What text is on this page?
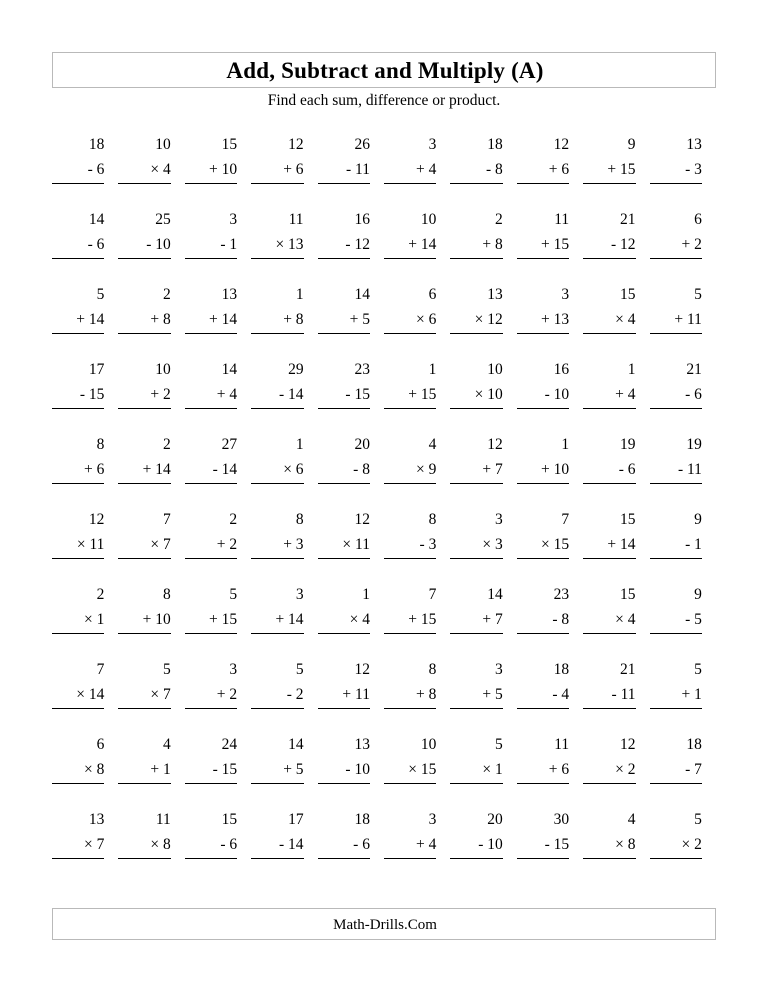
Add, Subtract and Multiply (A)
Find each sum, difference or product.
18
- 6
10
× 4
15
+ 10
12
+ 6
26
- 11
3
+ 4
18
- 8
12
+ 6
9
+ 15
13
- 3
14
- 6
25
- 10
3
- 1
11
× 13
16
- 12
10
+ 14
2
+ 8
11
+ 15
21
- 12
6
+ 2
5
+ 14
2
+ 8
13
+ 14
1
+ 8
14
+ 5
6
× 6
13
× 12
3
+ 13
15
× 4
5
+ 11
17
- 15
10
+ 2
14
+ 4
29
- 14
23
- 15
1
+ 15
10
× 10
16
- 10
1
+ 4
21
- 6
8
+ 6
2
+ 14
27
- 14
1
× 6
20
- 8
4
× 9
12
+ 7
1
+ 10
19
- 6
19
- 11
12
× 11
7
× 7
2
+ 2
8
+ 3
12
× 11
8
- 3
3
× 3
7
× 15
15
+ 14
9
- 1
2
× 1
8
+ 10
5
+ 15
3
+ 14
1
× 4
7
+ 15
14
+ 7
23
- 8
15
× 4
9
- 5
7
× 14
5
× 7
3
+ 2
5
- 2
12
+ 11
8
+ 8
3
+ 5
18
- 4
21
- 11
5
+ 1
6
× 8
4
+ 1
24
- 15
14
+ 5
13
- 10
10
× 15
5
× 1
11
+ 6
12
× 2
18
- 7
13
× 7
11
× 8
15
- 6
17
- 14
18
- 6
3
+ 4
20
- 10
30
- 15
4
× 8
5
× 2
Math-Drills.Com
